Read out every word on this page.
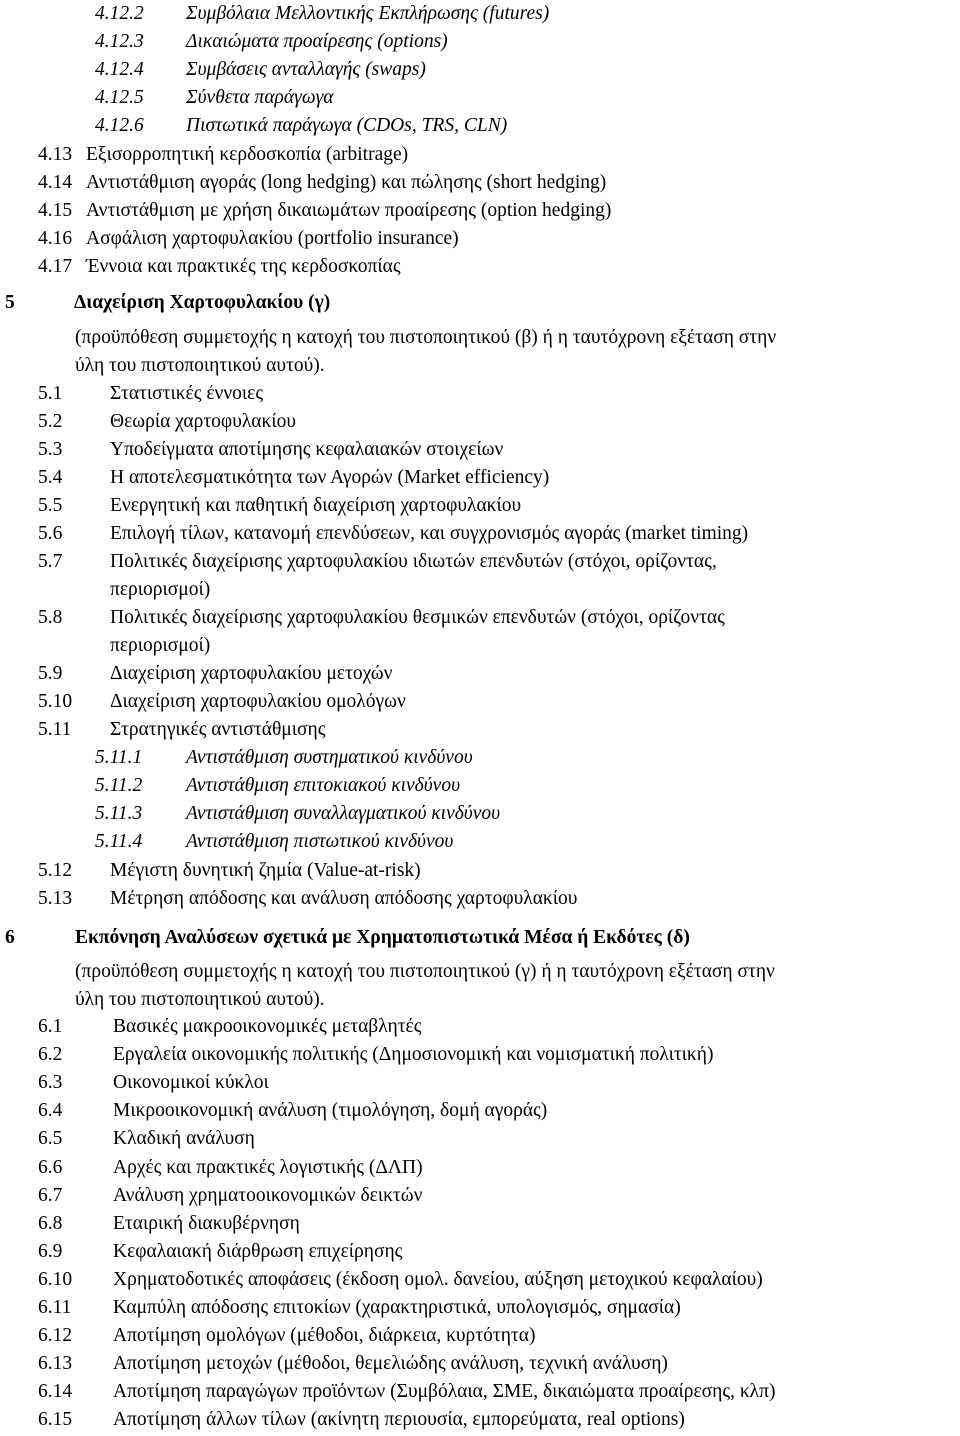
4.12.2 Συμβόλαια Μελλοντικής Εκπλήρωσης (futures)
4.12.3 Δικαιώματα προαίρεσης (options)
4.12.4 Συμβάσεις ανταλλαγής (swaps)
4.12.5 Σύνθετα παράγωγα
4.12.6 Πιστωτικά παράγωγα (CDOs, TRS, CLN)
4.13 Εξισορροπητική κερδοσκοπία (arbitrage)
4.14 Αντιστάθμιση αγοράς (long hedging) και πώλησης (short hedging)
4.15 Αντιστάθμιση με χρήση δικαιωμάτων προαίρεσης (option hedging)
4.16 Ασφάλιση χαρτοφυλακίου (portfolio insurance)
4.17 Έννοια και πρακτικές της κερδοσκοπίας
5	Διαχείριση Χαρτοφυλακίου (γ)
(προϋπόθεση συμμετοχής η κατοχή του πιστοποιητικού (β) ή η ταυτόχρονη εξέταση στην
ύλη του πιστοποιητικού αυτού).
5.1 Στατιστικές έννοιες
5.2 Θεωρία χαρτοφυλακίου
5.3 Υποδείγματα αποτίμησης κεφαλαιακών στοιχείων
5.4 Η αποτελεσματικότητα των Αγορών (Market efficiency)
5.5 Ενεργητική και παθητική διαχείριση χαρτοφυλακίου
5.6 Επιλογή τίλων, κατανομή επενδύσεων, και συγχρονισμός αγοράς (market timing)
5.7 Πολιτικές διαχείρισης χαρτοφυλακίου ιδιωτών επενδυτών (στόχοι, ορίζοντας,
περιορισμοί)
5.8 Πολιτικές διαχείρισης χαρτοφυλακίου θεσμικών επενδυτών (στόχοι, ορίζοντας
περιορισμοί)
5.9 Διαχείριση χαρτοφυλακίου μετοχών
5.10 Διαχείριση χαρτοφυλακίου ομολόγων
5.11 Στρατηγικές αντιστάθμισης
5.11.1 Αντιστάθμιση συστηματικού κινδύνου
5.11.2 Αντιστάθμιση επιτοκιακού κινδύνου
5.11.3 Αντιστάθμιση συναλλαγματικού κινδύνου
5.11.4 Αντιστάθμιση πιστωτικού κινδύνου
5.12 Μέγιστη δυνητική ζημία (Value-at-risk)
5.13 Μέτρηση απόδοσης και ανάλυση απόδοσης χαρτοφυλακίου
6	Εκπόνηση Αναλύσεων σχετικά με Χρηματοπιστωτικά Μέσα ή Εκδότες (δ)
(προϋπόθεση συμμετοχής η κατοχή του πιστοποιητικού (γ) ή η ταυτόχρονη εξέταση στην
ύλη του πιστοποιητικού αυτού).
6.1	Βασικές μακροοικονομικές μεταβλητές
6.2	Εργαλεία οικονομικής πολιτικής (Δημοσιονομική και νομισματική πολιτική)
6.3	Οικονομικοί κύκλοι
6.4	Μικροοικονομική ανάλυση (τιμολόγηση, δομή αγοράς)
6.5	Κλαδική ανάλυση
6.6	Αρχές και πρακτικές λογιστικής (ΔΛΠ)
6.7	Ανάλυση χρηματοοικονομικών δεικτών
6.8	Εταιρική διακυβέρνηση
6.9	Κεφαλαιακή διάρθρωση επιχείρησης
6.10 Χρηματοδοτικές αποφάσεις (έκδοση ομολ. δανείου, αύξηση μετοχικού κεφαλαίου)
6.11 Καμπύλη απόδοσης επιτοκίων (χαρακτηριστικά, υπολογισμός, σημασία)
6.12 Αποτίμηση ομολόγων (μέθοδοι, διάρκεια, κυρτότητα)
6.13 Αποτίμηση μετοχών (μέθοδοι, θεμελιώδης ανάλυση, τεχνική ανάλυση)
6.14 Αποτίμηση παραγώγων προϊόντων (Συμβόλαια, ΣΜΕ, δικαιώματα προαίρεσης, κλπ)
6.15 Αποτίμηση άλλων τίλων (ακίνητη περιουσία, εμπορεύματα, real options)
